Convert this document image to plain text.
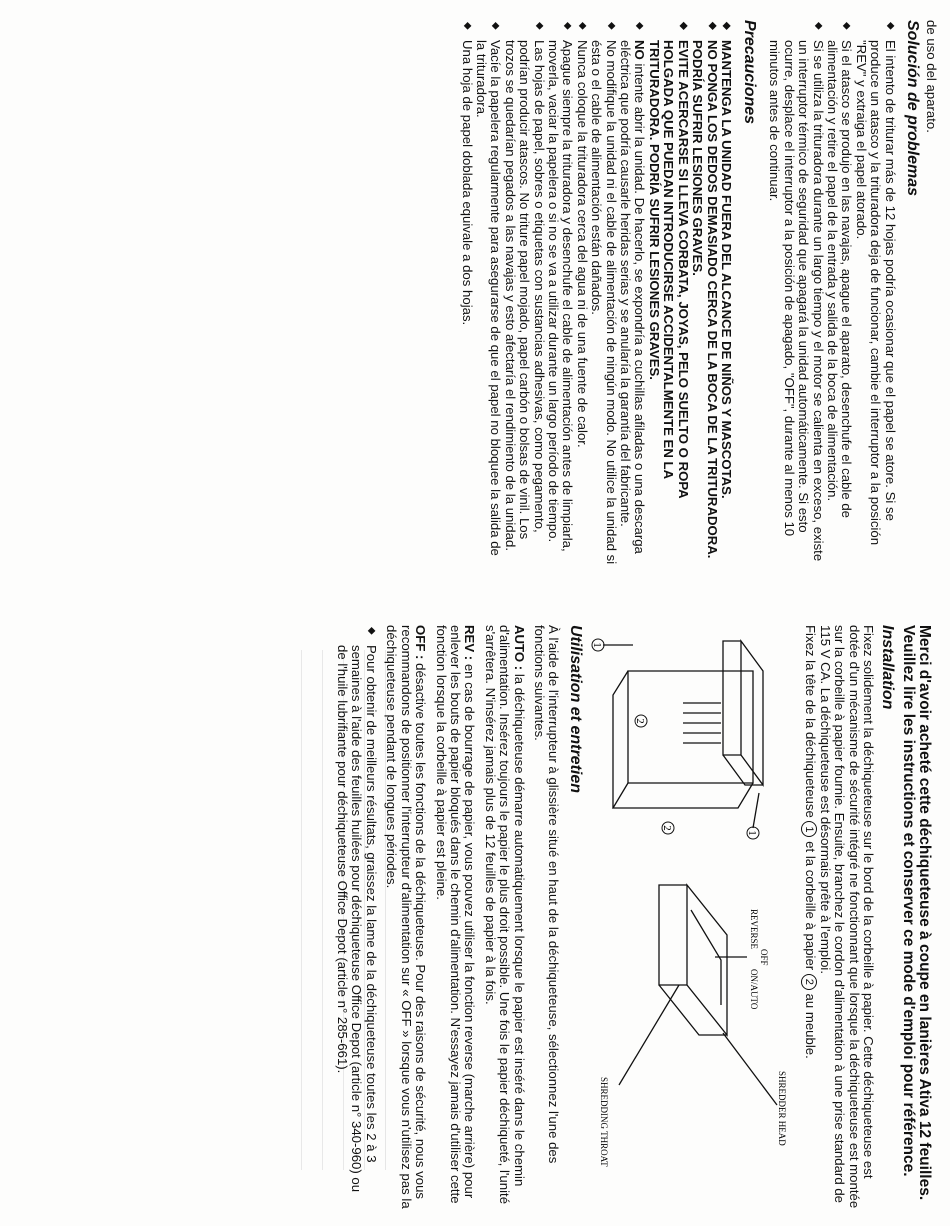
de uso del aparato.

Solución de problemas
◆
El intento de triturar más de 12 hojas podría ocasionar que el papel se atore. Si se produce un atasco y la trituradora deja de funcionar, cambie el interruptor a la posición "REV" y extraiga el papel atorado.
◆
Si el atasco se produjo en las navajas, apague el aparato, desenchufe el cable de alimentación y retire el papel de la entrada y salida de la boca de alimentación.
◆
Si se utiliza la trituradora durante un largo tiempo y el motor se calienta en exceso, existe un interruptor térmico de seguridad que apagará la unidad automáticamente. Si esto ocurre, desplace el interruptor a la posición de apagado, "OFF", durante al menos 10 minutos antes de continuar.
Precauciones
◆
MANTENGA LA UNIDAD FUERA DEL ALCANCE DE NIÑOS Y MASCOTAS.
◆
NO PONGA LOS DEDOS DEMASIADO CERCA DE LA BOCA DE LA TRITURADORA. PODRÍA SUFRIR LESIONES GRAVES.
◆
EVITE ACERCARSE SI LLEVA CORBATA, JOYAS, PELO SUELTO O ROPA HOLGADA QUE PUEDAN INTRODUCIRSE ACCIDENTALMENTE EN LA TRITURADORA. PODRÍA SUFRIR LESIONES GRAVES.
◆
NO intente abrir la unidad. De hacerlo, se expondría a cuchillas afiladas o una descarga eléctrica que podría causarle heridas serias y se anularía la garantía del fabricante.
◆
No modifique la unidad ni el cable de alimentación de ningún modo. No utilice la unidad si ésta o el cable de alimentación están dañados.
◆
Nunca coloque la trituradora cerca del agua ni de una fuente de calor.
◆
Apague siempre la trituradora y desenchufe el cable de alimentación antes de limpiarla, moverla, vaciar la papelera o si no se va a utilizar durante un largo período de tiempo.
◆
Las hojas de papel, sobres o etiquetas con sustancias adhesivas, como pegamento, podrían producir atascos. No triture papel mojado, papel carbón o bolsas de vinil. Los trozos se quedarían pegados a las navajas y esto afectaría el rendimiento de la unidad.
◆
Vacíe la papelera regularmente para asegurarse de que el papel no bloquee la salida de la trituradora.
◆
Una hoja de papel doblada equivale a dos hojas.

Merci d'avoir acheté cette déchiqueteuse à coupe en lanières Ativa 12 feuilles. Veuillez lire les instructions et conserver ce mode d'emploi pour référence.

Installation

Fixez solidement la déchiqueteuse sur le bord de la corbeille à papier. Cette déchiqueteuse est dotée d'un mécanisme de sécurité intégré ne fonctionnant que lorsque la déchiqueteuse est montée sur la corbeille à papier fournie. Ensuite, branchez le cordon d'alimentation à une prise standard de 115 V CA. La déchiqueteuse est désormais prête à l'emploi.

Fixez la tête de la déchiqueteuse 1 et la corbeille à papier 2 au meuble.

1
2
1
2
SHREDDER HEAD
SHREDDING THROAT
REVERSE
OFF
ON/AUTO
Utilisation et entretien

À l'aide de l'interrupteur à glissière situé en haut de la déchiqueteuse, sélectionnez l'une des fonctions suivantes.

AUTO : la déchiqueteuse démarre automatiquement lorsque le papier est inséré dans le chemin d'alimentation. Insérez toujours le papier le plus droit possible. Une fois le papier déchiqueté, l'unité s'arrêtera. N'insérez jamais plus de 12 feuilles de papier à la fois.

REV : en cas de bourrage de papier, vous pouvez utiliser la fonction reverse (marche arrière) pour enlever les bouts de papier bloqués dans le chemin d'alimentation. N'essayez jamais d'utiliser cette fonction lorsque la corbeille à papier est pleine.

OFF : désactive toutes les fonctions de la déchiqueteuse. Pour des raisons de sécurité, nous vous recommandons de positionner l'interrupteur d'alimentation sur « OFF » lorsque vous n'utilisez pas la déchiqueteuse pendant de longues périodes.

◆
Pour obtenir de meilleurs résultats, graissez la lame de la déchiqueteuse toutes les 2 à 3 semaines à l'aide des feuilles huilées pour déchiqueteuse Office Depot (article n° 340-960) ou de l'huile lubrifiante pour déchiqueteuse Office Depot (article n° 285-661).
